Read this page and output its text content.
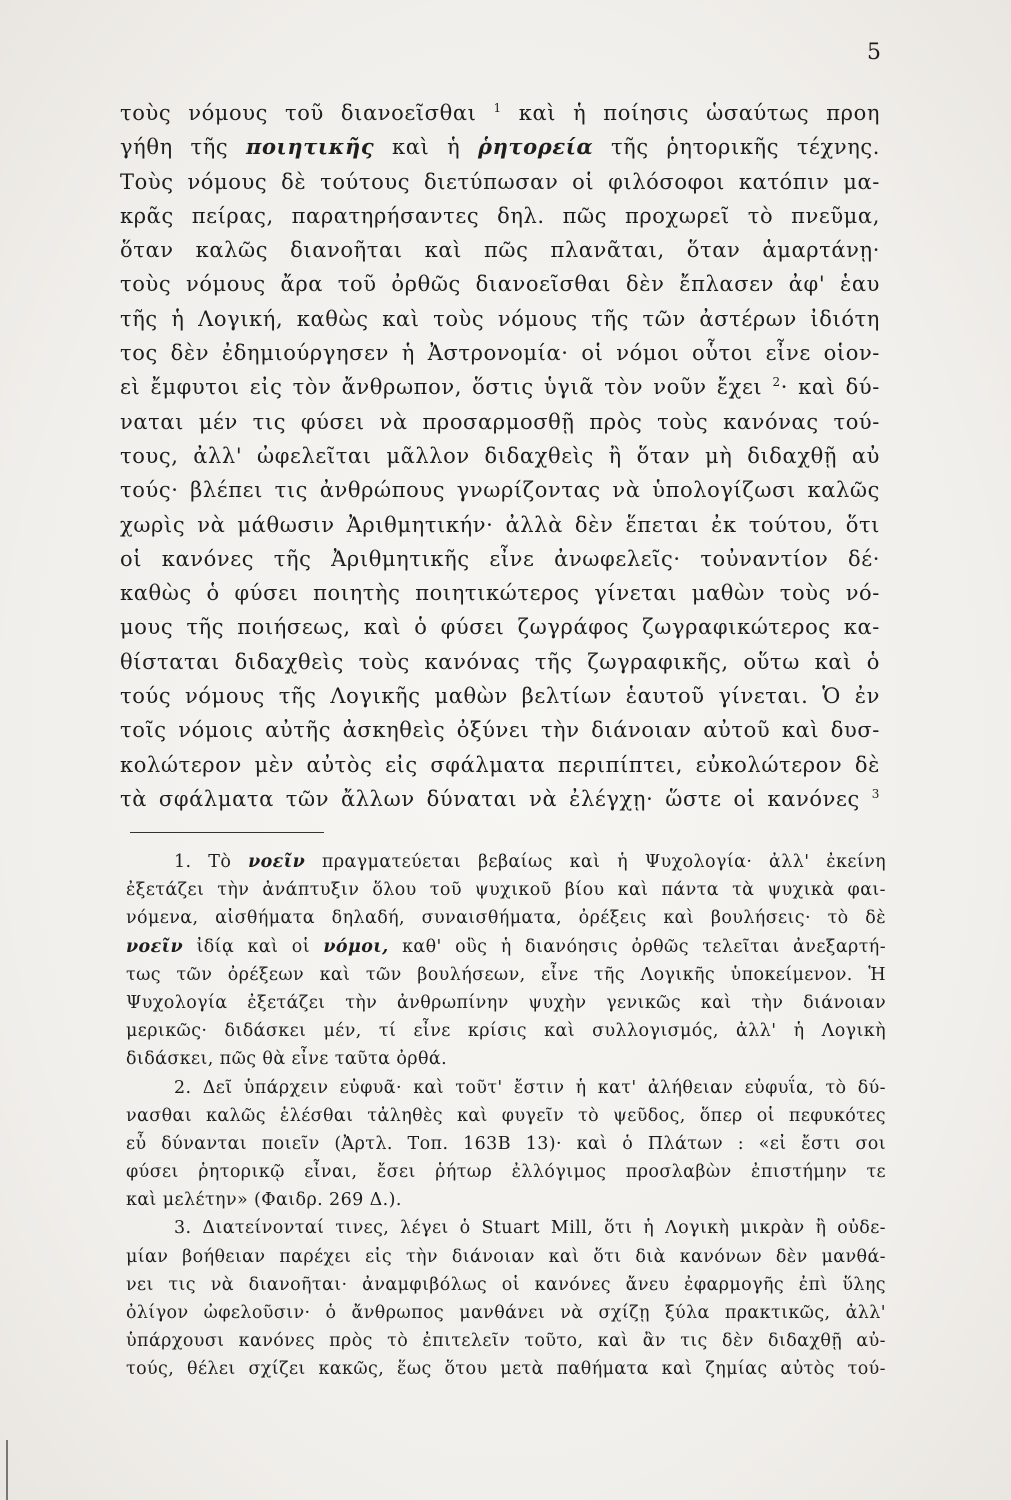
5
τοὺς νόμους τοῦ διανοεῖσθαι $^1$ καὶ ἡ ποίησις ὡσαύτως προη
γήθη τῆς ποιητικῆς καὶ ἡ ῥητορεία τῆς ῥητορικῆς τέχνης.
Τοὺς νόμους δὲ τούτους διετύπωσαν οἱ φιλόσοφοι κατόπιν μα-
κρᾶς πείρας, παρατηρήσαντες δηλ. πῶς προχωρεῖ τὸ πνεῦμα,
ὅταν καλῶς διανοῆται καὶ πῶς πλανᾶται, ὅταν ἁμαρτάνῃ·
τοὺς νόμους ἄρα τοῦ ὀρθῶς διανοεῖσθαι δὲν ἔπλασεν ἀφ' ἑαυ
τῆς ἡ Λογική, καθὼς καὶ τοὺς νόμους τῆς τῶν ἀστέρων ἰδιότη
τος δὲν ἐδημιούργησεν ἡ Ἀστρονομία· οἱ νόμοι οὗτοι εἶνε οἱον-
εὶ ἔμφυτοι εἰς τὸν ἄνθρωπον, ὅστις ὑγιᾶ τὸν νοῦν ἔχει $^2$· καὶ δύ-
ναται μέν τις φύσει νὰ προσαρμοσθῇ πρὸς τοὺς κανόνας τού-
τους, ἀλλ' ὠφελεῖται μᾶλλον διδαχθεὶς ἢ ὅταν μὴ διδαχθῇ αὐ
τούς· βλέπει τις ἀνθρώπους γνωρίζοντας νὰ ὑπολογίζωσι καλῶς
χωρὶς νὰ μάθωσιν Ἀριθμητικήν· ἀλλὰ δὲν ἕπεται ἐκ τούτου, ὅτι
οἱ κανόνες τῆς Ἀριθμητικῆς εἶνε ἀνωφελεῖς· τοὐναντίον δέ·
καθὼς ὁ φύσει ποιητὴς ποιητικώτερος γίνεται μαθὼν τοὺς νό-
μους τῆς ποιήσεως, καὶ ὁ φύσει ζωγράφος ζωγραφικώτερος κα-
θίσταται διδαχθεὶς τοὺς κανόνας τῆς ζωγραφικῆς, οὕτω καὶ ὁ
τούς νόμους τῆς Λογικῆς μαθὼν βελτίων ἑαυτοῦ γίνεται. Ὁ ἐν
τοῖς νόμοις αὐτῆς ἀσκηθεὶς ὀξύνει τὴν διάνοιαν αὐτοῦ καὶ δυσ-
κολώτερον μὲν αὐτὸς εἰς σφάλματα περιπίπτει, εὐκολώτερον δὲ
τὰ σφάλματα τῶν ἄλλων δύναται νὰ ἐλέγχῃ· ὥστε οἱ κανόνες $^3$
1. Τὸ νοεῖν πραγματεύεται βεβαίως καὶ ἡ Ψυχολογία· ἀλλ' ἐκείνη
ἐξετάζει τὴν ἀνάπτυξιν ὅλου τοῦ ψυχικοῦ βίου καὶ πάντα τὰ ψυχικὰ φαι-
νόμενα, αἰσθήματα δηλαδή, συναισθήματα, ὀρέξεις καὶ βουλήσεις· τὸ δὲ
νοεῖν ἰδίᾳ καὶ οἱ νόμοι, καθ' οὓς ἡ διανόησις ὀρθῶς τελεῖται ἀνεξαρτή-
τως τῶν ὀρέξεων καὶ τῶν βουλήσεων, εἶνε τῆς Λογικῆς ὑποκείμενον. Ἡ
Ψυχολογία ἐξετάζει τὴν ἀνθρωπίνην ψυχὴν γενικῶς καὶ τὴν διάνοιαν
μερικῶς· διδάσκει μέν, τί εἶνε κρίσις καὶ συλλογισμός, ἀλλ' ἡ Λογικὴ
διδάσκει, πῶς θὰ εἶνε ταῦτα ὀρθά.
2. Δεῖ ὑπάρχειν εὐφυᾶ· καὶ τοῦτ' ἔστιν ἡ κατ' ἀλήθειαν εὐφυΐα, τὸ δύ-
νασθαι καλῶς ἑλέσθαι τἀληθὲς καὶ φυγεῖν τὸ ψεῦδος, ὅπερ οἱ πεφυκότες
εὖ δύνανται ποιεῖν (Ἀρτλ. Τοπ. 163Β 13)· καὶ ὁ Πλάτων : «εἰ ἔστι σοι
φύσει ῥητορικῷ εἶναι, ἔσει ῥήτωρ ἐλλόγιμος προσλαβὼν ἐπιστήμην τε
καὶ μελέτην» (Φαιδρ. 269 Δ.).
3. Διατείνονταί τινες, λέγει ὁ Stuart Mill, ὅτι ἡ Λογικὴ μικρὰν ἢ οὐδε-
μίαν βοήθειαν παρέχει εἰς τὴν διάνοιαν καὶ ὅτι διὰ κανόνων δὲν μανθά-
νει τις νὰ διανοῆται· ἀναμφιβόλως οἱ κανόνες ἄνευ ἐφαρμογῆς ἐπὶ ὕλης
ὀλίγον ὠφελοῦσιν· ὁ ἄνθρωπος μανθάνει νὰ σχίζῃ ξύλα πρακτικῶς, ἀλλ'
ὑπάρχουσι κανόνες πρὸς τὸ ἐπιτελεῖν τοῦτο, καὶ ἂν τις δὲν διδαχθῇ αὐ-
τούς, θέλει σχίζει κακῶς, ἕως ὅτου μετὰ παθήματα καὶ ζημίας αὐτὸς τού-
